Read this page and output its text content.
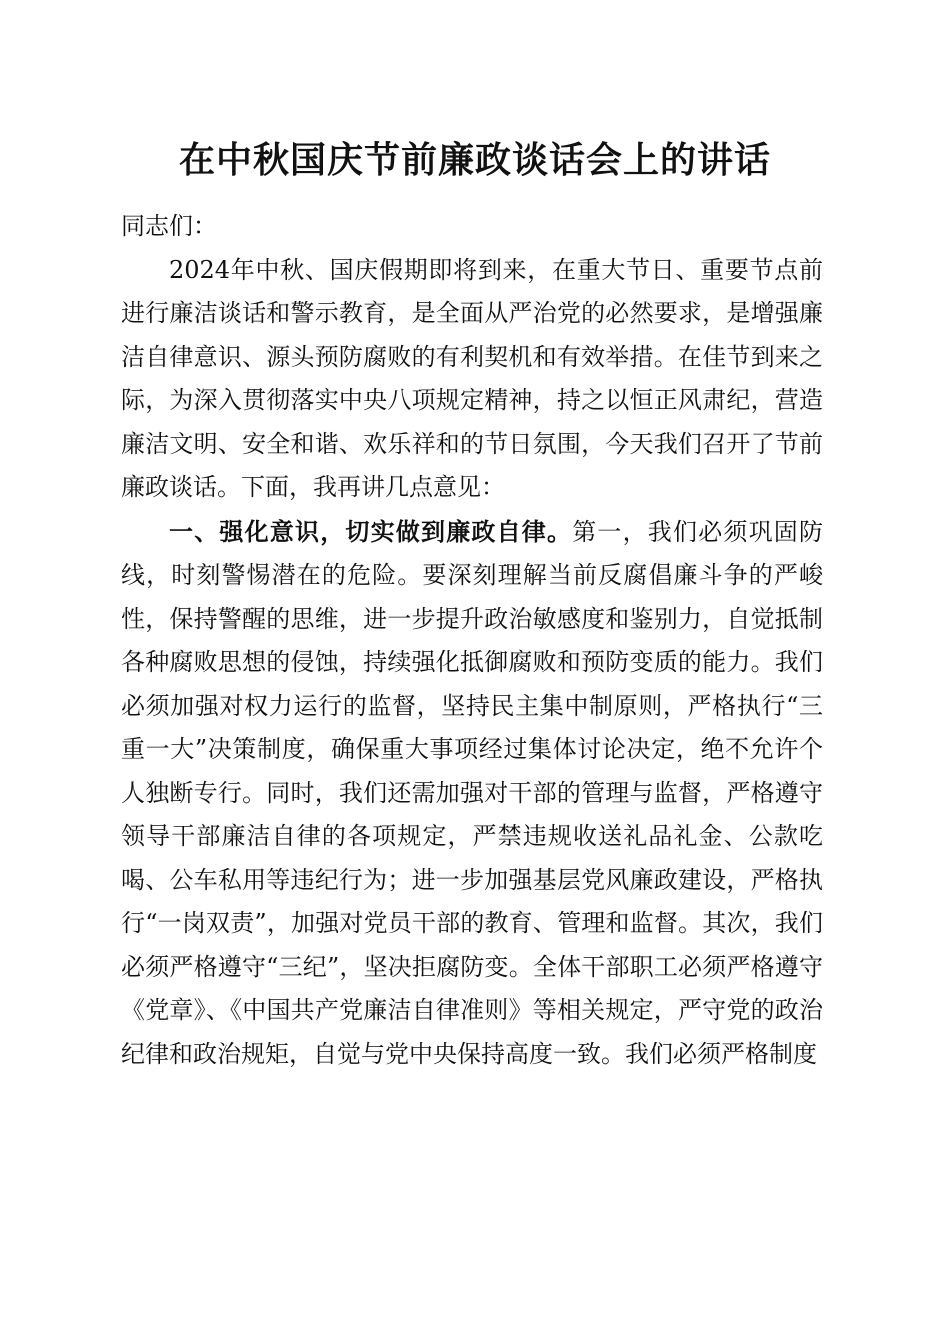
在中秋国庆节前廉政谈话会上的讲话

同志们：

2024年中秋、国庆假期即将到来，在重大节日、重要节点前进行廉洁谈话和警示教育，是全面从严治党的必然要求，是增强廉洁自律意识、源头预防腐败的有利契机和有效举措。在佳节到来之际，为深入贯彻落实中央八项规定精神，持之以恒正风肃纪，营造廉洁文明、安全和谐、欢乐祥和的节日氛围，今天我们召开了节前廉政谈话。下面，我再讲几点意见：

一、强化意识，切实做到廉政自律。第一，我们必须巩固防线，时刻警惕潜在的危险。要深刻理解当前反腐倡廉斗争的严峻性，保持警醒的思维，进一步提升政治敏感度和鉴别力，自觉抵制各种腐败思想的侵蚀，持续强化抵御腐败和预防变质的能力。我们必须加强对权力运行的监督，坚持民主集中制原则，严格执行“三重一大”决策制度，确保重大事项经过集体讨论决定，绝不允许个人独断专行。同时，我们还需加强对干部的管理与监督，严格遵守领导干部廉洁自律的各项规定，严禁违规收送礼品礼金、公款吃喝、公车私用等违纪行为；进一步加强基层党风廉政建设，严格执行“一岗双责”，加强对党员干部的教育、管理和监督。其次，我们必须严格遵守“三纪”，坚决拒腐防变。全体干部职工必须严格遵守《党章》、《中国共产党廉洁自律准则》等相关规定，严守党的政治纪律和政治规矩，自觉与党中央保持高度一致。我们必须严格制度
